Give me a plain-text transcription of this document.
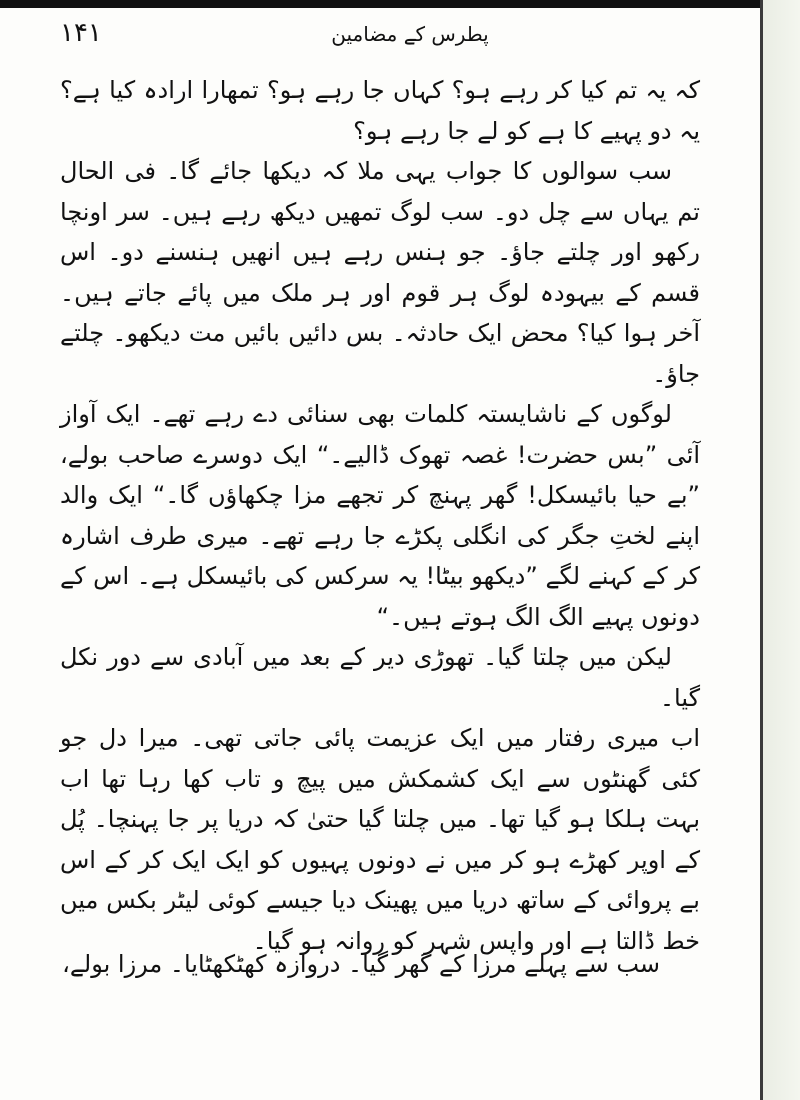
۱۴۱	پطرس کے مضامین

کہ یہ تم کیا کر رہے ہو؟ کہاں جا رہے ہو؟ تمھارا ارادہ کیا ہے؟ یہ دو پہیے کا ہے کو لے جا رہے ہو؟

سب سوالوں کا جواب یہی ملا کہ دیکھا جائے گا۔ فی الحال تم یہاں سے چل دو۔ سب لوگ تمھیں دیکھ رہے ہیں۔ سر اونچا رکھو اور چلتے جاؤ۔ جو ہنس رہے ہیں انھیں ہنسنے دو۔ اس قسم کے بیہودہ لوگ ہر قوم اور ہر ملک میں پائے جاتے ہیں۔ آخر ہوا کیا؟ محض ایک حادثہ۔ بس دائیں بائیں مت دیکھو۔ چلتے جاؤ۔

لوگوں کے ناشایستہ کلمات بھی سنائی دے رہے تھے۔ ایک آواز آئی ”بس حضرت! غصہ تھوک ڈالیے۔“ ایک دوسرے صاحب بولے، ”بے حیا بائیسکل! گھر پہنچ کر تجھے مزا چکھاؤں گا۔“ ایک والد اپنے لختِ جگر کی انگلی پکڑے جا رہے تھے۔ میری طرف اشارہ کر کے کہنے لگے ”دیکھو بیٹا! یہ سرکس کی بائیسکل ہے۔ اس کے دونوں پہیے الگ الگ ہوتے ہیں۔“

لیکن میں چلتا گیا۔ تھوڑی دیر کے بعد میں آبادی سے دور نکل گیا۔

اب میری رفتار میں ایک عزیمت پائی جاتی تھی۔ میرا دل جو کئی گھنٹوں سے ایک کشمکش میں پیچ و تاب کھا رہا تھا اب بہت ہلکا ہو گیا تھا۔ میں چلتا گیا حتیٰ کہ دریا پر جا پہنچا۔ پُل کے اوپر کھڑے ہو کر میں نے دونوں پہیوں کو ایک ایک کر کے اس بے پروائی کے ساتھ دریا میں پھینک دیا جیسے کوئی لیٹر بکس میں خط ڈالتا ہے اور واپس شہر کو روانہ ہو گیا۔

سب سے پہلے مرزا کے گھر گیا۔ دروازہ کھٹکھٹایا۔ مرزا بولے،
